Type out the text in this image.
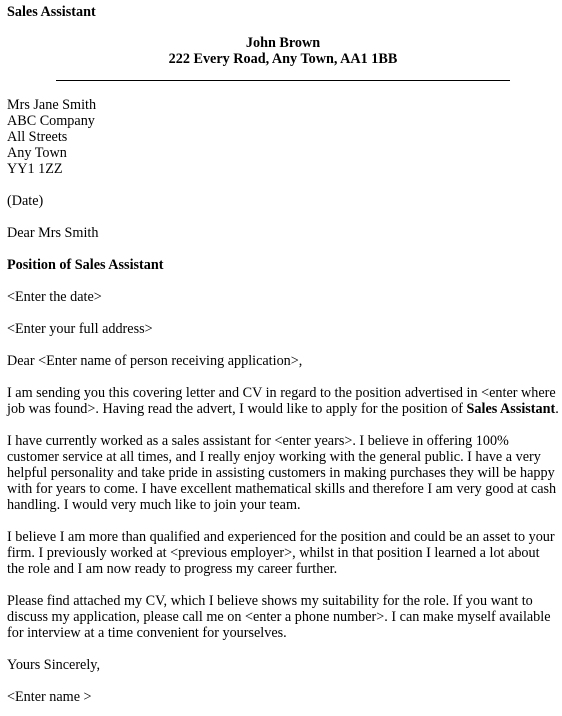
Sales Assistant
John Brown
222 Every Road, Any Town, AA1 1BB

Mrs Jane Smith

ABC Company

All Streets

Any Town

YY1 1ZZ

(Date)

Dear Mrs Smith

Position of Sales Assistant

<Enter the date>

<Enter your full address>

Dear <Enter name of person receiving application>,

I am sending you this covering letter and CV in regard to the position advertised in <enter where job was found>. Having read the advert, I would like to apply for the position of Sales Assistant.

I have currently worked as a sales assistant for <enter years>. I believe in offering 100% customer service at all times, and I really enjoy working with the general public. I have a very helpful personality and take pride in assisting customers in making purchases they will be happy with for years to come. I have excellent mathematical skills and therefore I am very good at cash handling. I would very much like to join your team.

I believe I am more than qualified and experienced for the position and could be an asset to your firm. I previously worked at <previous employer>, whilst in that position I learned a lot about the role and I am now ready to progress my career further.

Please find attached my CV, which I believe shows my suitability for the role. If you want to discuss my application, please call me on <enter a phone number>. I can make myself available for interview at a time convenient for yourselves.

Yours Sincerely,

<Enter name >
